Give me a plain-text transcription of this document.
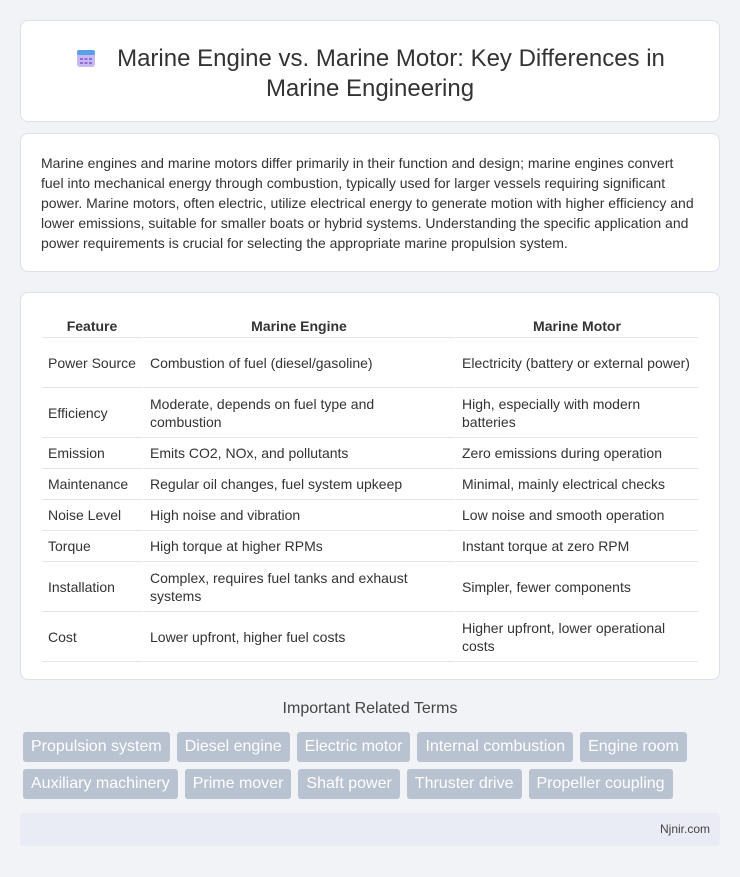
Marine Engine vs. Marine Motor: Key Differences in Marine Engineering

Marine engines and marine motors differ primarily in their function and design; marine engines convert fuel into mechanical energy through combustion, typically used for larger vessels requiring significant power. Marine motors, often electric, utilize electrical energy to generate motion with higher efficiency and lower emissions, suitable for smaller boats or hybrid systems. Understanding the specific application and power requirements is crucial for selecting the appropriate marine propulsion system.

Feature	Marine Engine	Marine Motor
Power Source	Combustion of fuel (diesel/gasoline)	Electricity (battery or external power)
Efficiency	Moderate, depends on fuel type and combustion	High, especially with modern batteries
Emission	Emits CO2, NOx, and pollutants	Zero emissions during operation
Maintenance	Regular oil changes, fuel system upkeep	Minimal, mainly electrical checks
Noise Level	High noise and vibration	Low noise and smooth operation
Torque	High torque at higher RPMs	Instant torque at zero RPM
Installation	Complex, requires fuel tanks and exhaust systems	Simpler, fewer components
Cost	Lower upfront, higher fuel costs	Higher upfront, lower operational costs
Important Related Terms
Propulsion system	Diesel engine	Electric motor	Internal combustion	Engine room
Auxiliary machinery	Prime mover	Shaft power	Thruster drive	Propeller coupling
Njnir.com
